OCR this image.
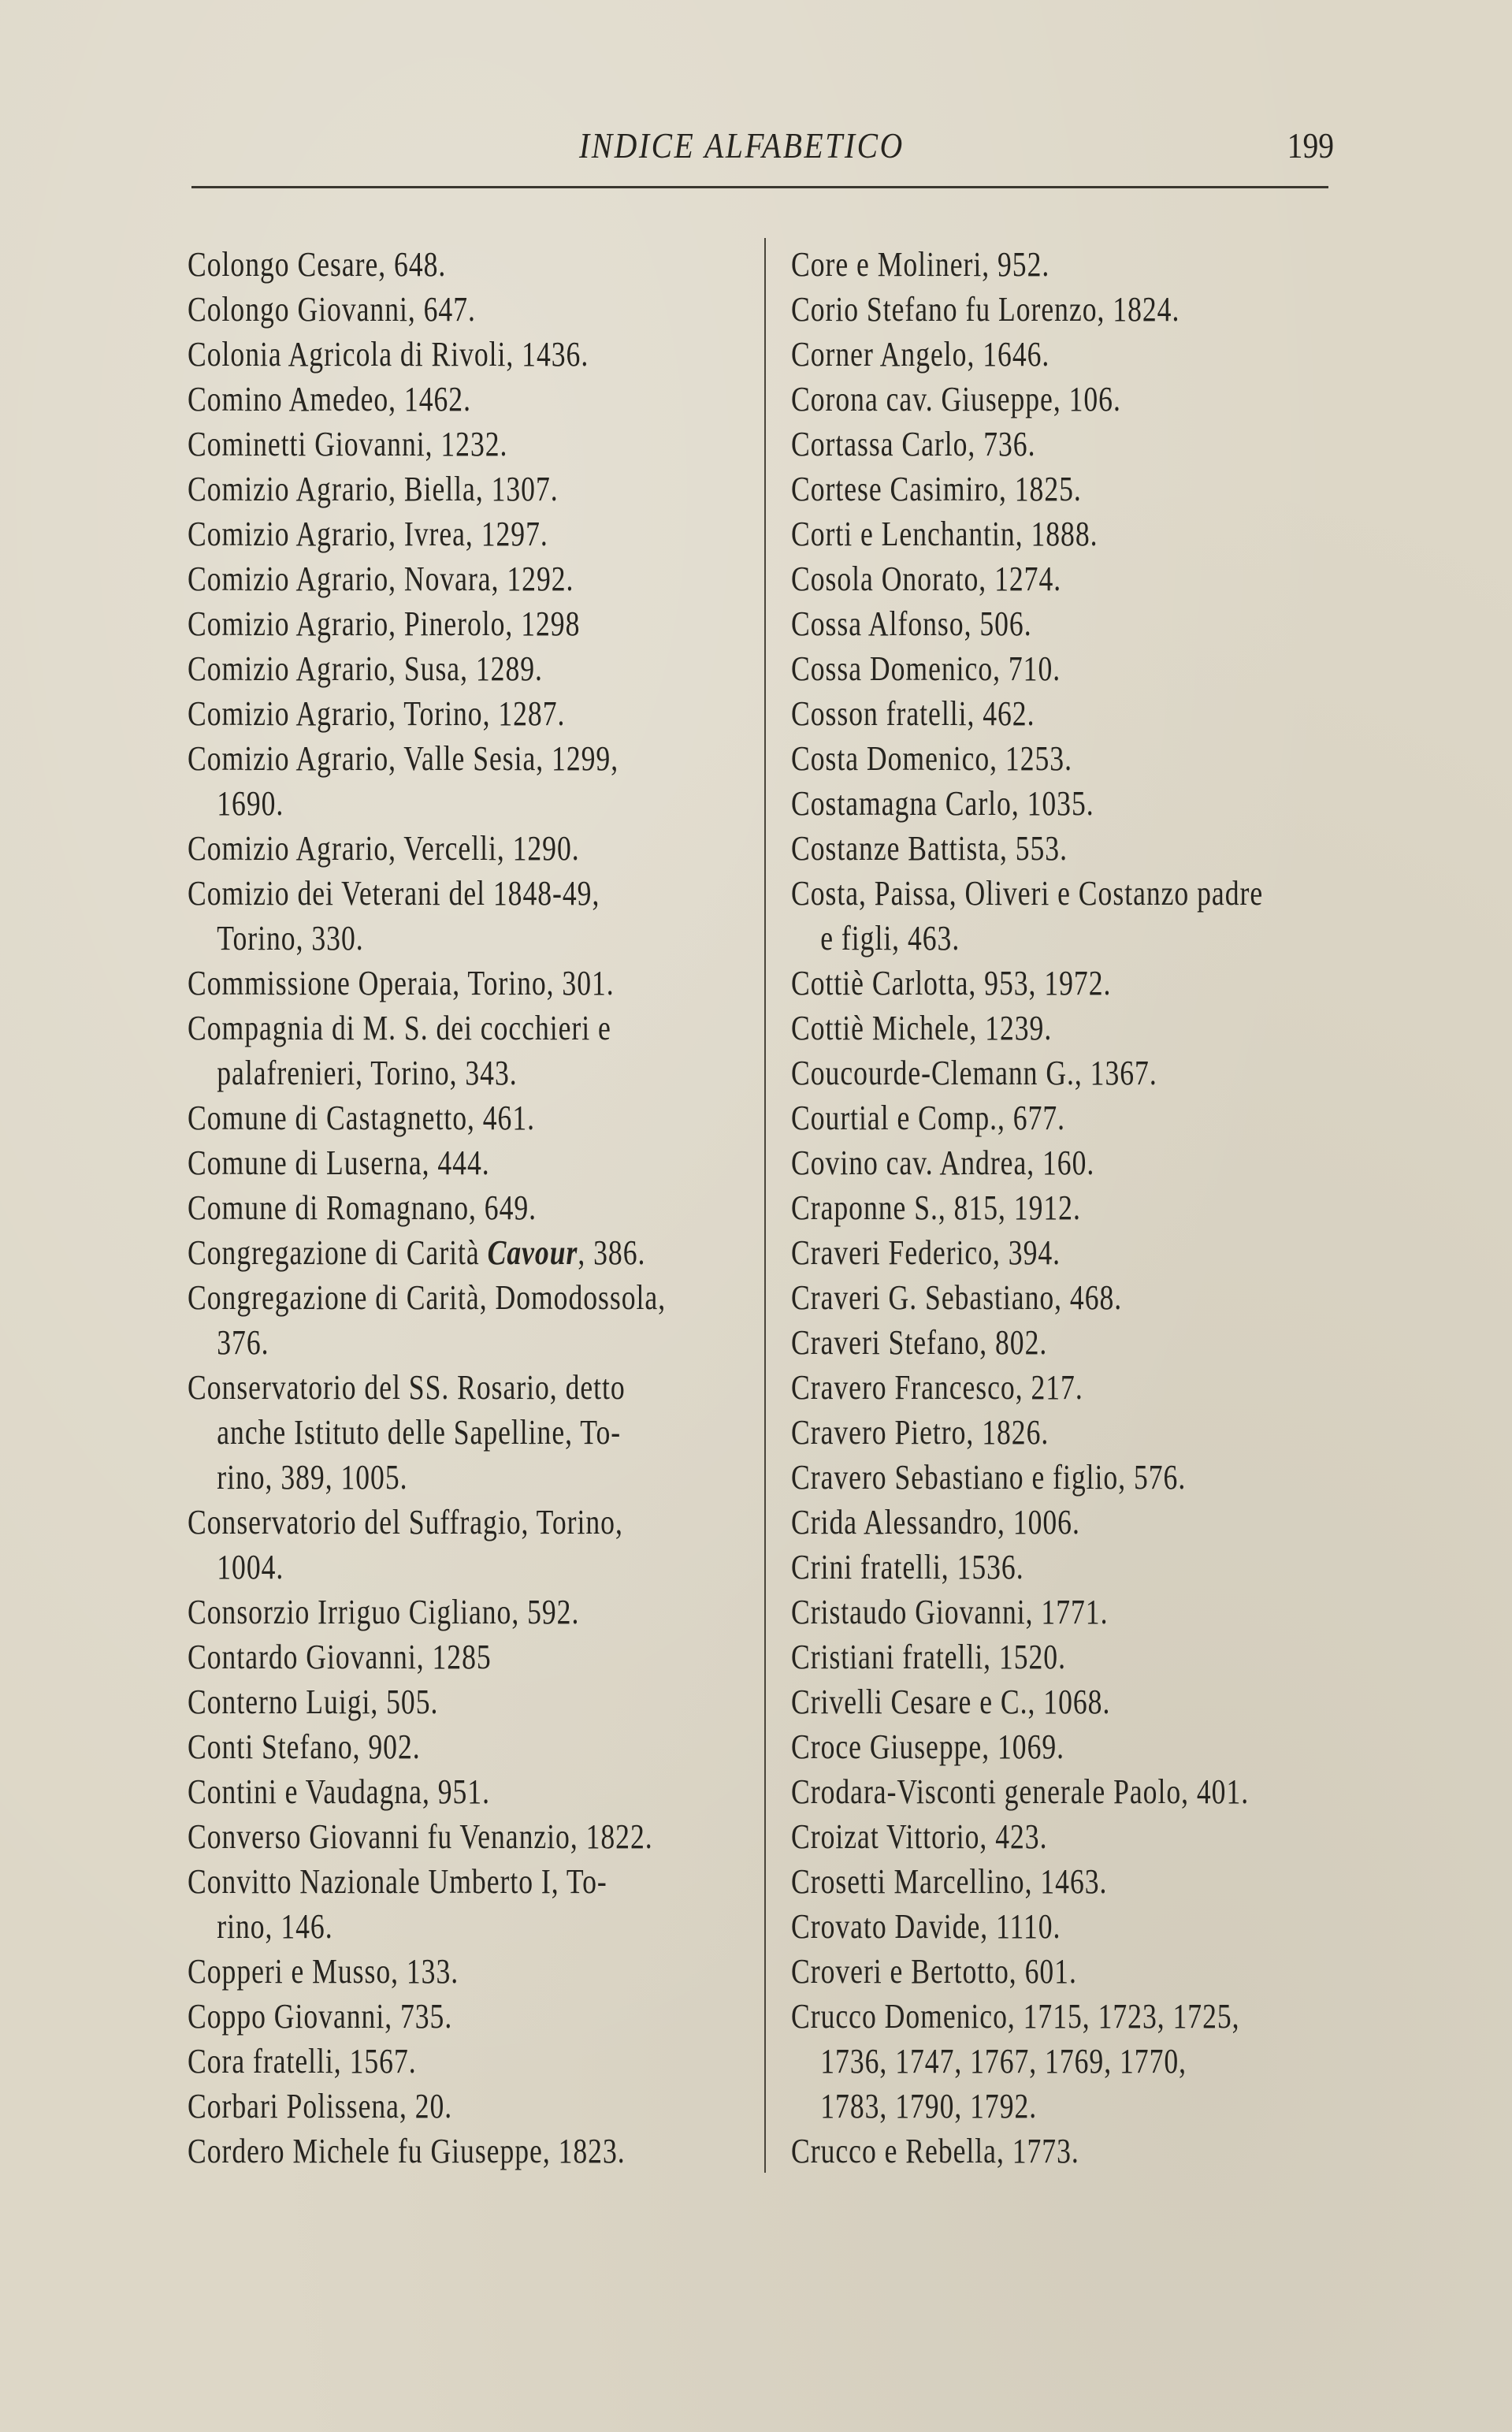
INDICE ALFABETICO	199
Colongo Cesare, 648.
Colongo Giovanni, 647.
Colonia Agricola di Rivoli, 1436.
Comino Amedeo, 1462.
Cominetti Giovanni, 1232.
Comizio Agrario, Biella, 1307.
Comizio Agrario, Ivrea, 1297.
Comizio Agrario, Novara, 1292.
Comizio Agrario, Pinerolo, 1298
Comizio Agrario, Susa, 1289.
Comizio Agrario, Torino, 1287.
Comizio Agrario, Valle Sesia, 1299,
1690.
Comizio Agrario, Vercelli, 1290.
Comizio dei Veterani del 1848-49,
Torino, 330.
Commissione Operaia, Torino, 301.
Compagnia di M. S. dei cocchieri e
palafrenieri, Torino, 343.
Comune di Castagnetto, 461.
Comune di Luserna, 444.
Comune di Romagnano, 649.
Congregazione di Carità Cavour, 386.
Congregazione di Carità, Domodossola,
376.
Conservatorio del SS. Rosario, detto
anche Istituto delle Sapelline, To-
rino, 389, 1005.
Conservatorio del Suffragio, Torino,
1004.
Consorzio Irriguo Cigliano, 592.
Contardo Giovanni, 1285
Conterno Luigi, 505.
Conti Stefano, 902.
Contini e Vaudagna, 951.
Converso Giovanni fu Venanzio, 1822.
Convitto Nazionale Umberto I, To-
rino, 146.
Copperi e Musso, 133.
Coppo Giovanni, 735.
Cora fratelli, 1567.
Corbari Polissena, 20.
Cordero Michele fu Giuseppe, 1823.
Core e Molineri, 952.
Corio Stefano fu Lorenzo, 1824.
Corner Angelo, 1646.
Corona cav. Giuseppe, 106.
Cortassa Carlo, 736.
Cortese Casimiro, 1825.
Corti e Lenchantin, 1888.
Cosola Onorato, 1274.
Cossa Alfonso, 506.
Cossa Domenico, 710.
Cosson fratelli, 462.
Costa Domenico, 1253.
Costamagna Carlo, 1035.
Costanze Battista, 553.
Costa, Paissa, Oliveri e Costanzo padre
e figli, 463.
Cottiè Carlotta, 953, 1972.
Cottiè Michele, 1239.
Coucourde-Clemann G., 1367.
Courtial e Comp., 677.
Covino cav. Andrea, 160.
Craponne S., 815, 1912.
Craveri Federico, 394.
Craveri G. Sebastiano, 468.
Craveri Stefano, 802.
Cravero Francesco, 217.
Cravero Pietro, 1826.
Cravero Sebastiano e figlio, 576.
Crida Alessandro, 1006.
Crini fratelli, 1536.
Cristaudo Giovanni, 1771.
Cristiani fratelli, 1520.
Crivelli Cesare e C., 1068.
Croce Giuseppe, 1069.
Crodara-Visconti generale Paolo, 401.
Croizat Vittorio, 423.
Crosetti Marcellino, 1463.
Crovato Davide, 1110.
Croveri e Bertotto, 601.
Crucco Domenico, 1715, 1723, 1725,
1736, 1747, 1767, 1769, 1770,
1783, 1790, 1792.
Crucco e Rebella, 1773.
